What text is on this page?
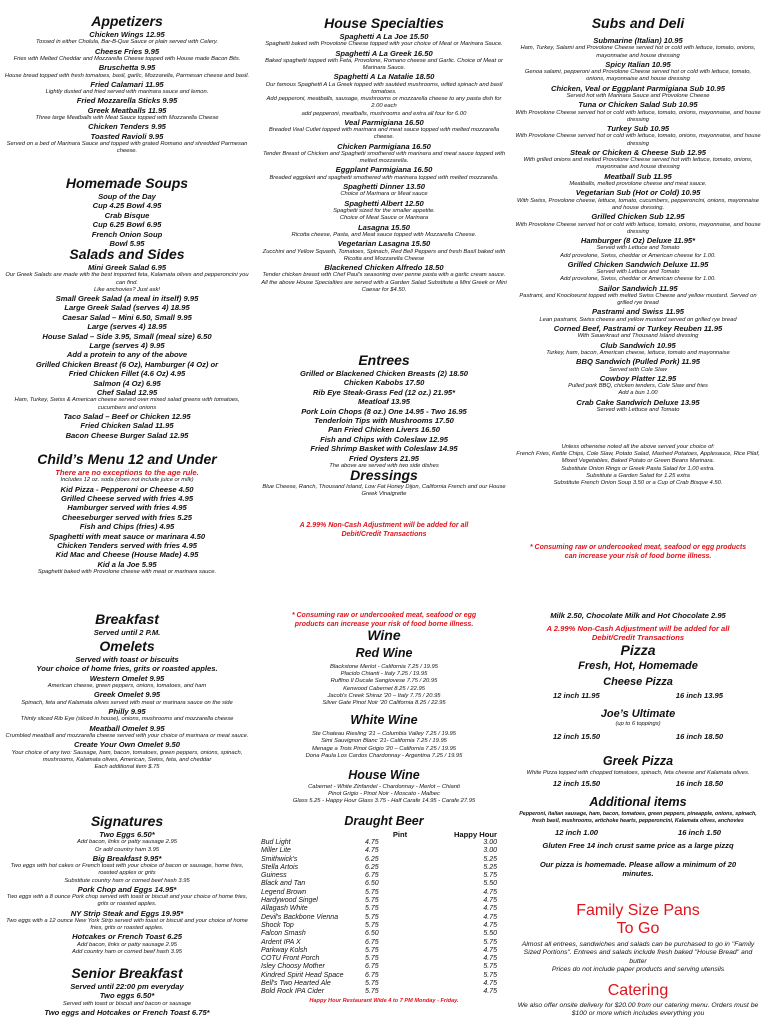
Appetizers
Chicken Wings 12.95
Tossed in either Cholula, Bar-B-Que Sauce or plain served with Celery.
Cheese Fries 9.95
Fries with Melted Cheddar and Mozzarella Cheese topped with House made Bacon Bits.
Bruschetta 9.95
House bread topped with fresh tomatoes, basil, garlic, Mozzarella, Parmesan cheese and basil.
Fried Calamari 11.95
Lightly dusted and fried served with marinara sauce and lemon.
Fried Mozzarella Sticks 9.95
Greek Meatballs 11.95
Three large Meatballs with Meat Sauce topped with Mozzarella Cheese
Chicken Tenders 9.95
Toasted Ravioli 9.95
Served on a bed of Marinara Sauce and topped with grated Romano and shredded Parmesan cheese.
Homemade Soups
Soup of the Day
Cup 4.25 Bowl 4.95
Crab Bisque
Cup 6.25 Bowl 6.95
French Onion Soup
Bowl 5.95
Salads and Sides
Mini Greek Salad 6.95
Our Greek Salads are made with the best imported feta, Kalamata olives and pepperoncini you can find.
Like anchovies? Just ask!
Small Greek Salad (a meal in itself) 9.95
Large Greek Salad (serves 4) 18.95
Caesar Salad – Mini 6.50, Small 9.95
Large (serves 4) 18.95
House Salad – Side 3.95, Small (meal size) 6.50
Large (serves 4) 9.95
Add a protein to any of the above
Grilled Chicken Breast (6 Oz), Hamburger (4 Oz) or
Fried Chicken Fillet (4.6 Oz) 4.95
Salmon (4 Oz) 6.95
Chef Salad 12.95
Ham, Turkey, Swiss & American cheese served over mixed salad greens with tomatoes, cucumbers and onions
Taco Salad – Beef or Chicken 12.95
Fried Chicken Salad 11.95
Bacon Cheese Burger Salad 12.95
Child’s Menu 12 and Under
There are no exceptions to the age rule.
Includes 12 oz. soda (does not include juice or milk)
Kid Pizza - Pepperoni or Cheese 4.50
Grilled Cheese served with fries 4.95
Hamburger served with fries 4.95
Cheeseburger served with fries 5.25
Fish and Chips (fries) 4.95
Spaghetti with meat sauce or marinara 4.50
Chicken Tenders served with fries 4.95
Kid Mac and Cheese (House Made) 4.95
Kid a la Joe 5.95
Spaghetti baked with Provolone cheese with meat or marinara sauce.
Breakfast
Served until 2 P.M.
Omelets
Served with toast or biscuits
Your choice of home fries, grits or roasted apples.
Western Omelet 9.95
American cheese, green peppers, onions, tomatoes, and ham
Greek Omelet 9.95
Spinach, feta and Kalamata olives served with meat or marinara sauce on the side
Philly 9.95
Thinly sliced Rib Eye (sliced in house), onions, mushrooms and mozzarella cheese
Meatball Omelet 9.95
Crumbled meatball and mozzarella cheese served with your choice of marinara or meat sauce.
Create Your Own Omelet 9.50
Your choice of any two: Sausage, ham, bacon, tomatoes, green peppers, onions, spinach, mushrooms, Kalamata olives, American, Swiss, feta, and cheddar
Each additional item $.75
Signatures
Two Eggs 6.50*
Add bacon, links or patty sausage 2.95
Or add country ham 3.95
Big Breakfast 9.95*
Two eggs with hot cakes or French toast with your choice of bacon or sausage, home fries, roasted apples or grits
Substitute country ham or corned beef hash 3.95
Pork Chop and Eggs 14.95*
Two eggs with a 8 ounce Pork chop served with toast or biscuit and your choice of home fries, grits or roasted apples.
NY Strip Steak and Eggs 19.95*
Two eggs with a 12 ounce New York Strip served with toast or biscuit and your choice of home fries, grits or roasted apples.
Hotcakes or French Toast 6.25
Add bacon, links or patty sausage 2.95
Add country ham or corned beef hash 3.95
Senior Breakfast
Served until 22:00 pm everyday
Two eggs 6.50*
Served with toast or biscuit and bacon or sausage
Two eggs and Hotcakes or French Toast 6.75*
House Specialties
Spaghetti A La Joe 15.50
Spaghetti baked with Provolone Cheese topped with your choice of Meat or Marinara Sauce.
Spaghetti A La Greek 16.50
Baked spaghetti topped with Feta, Provolone, Romano cheese and Garlic. Choice of Meat or Marinara Sauce.
Spaghetti A La Natalie 18.50
Our famous Spaghetti A La Greek topped with sautéed mushrooms, wilted spinach and basil tomatoes.
Add pepperoni, meatballs, sausage, mushrooms or mozzarella cheese to any pasta dish for 2.00 each
add pepperoni, meatballs, mushrooms and extra all four for 6.00
Veal Parmigiana 16.50
Breaded Veal Cutlet topped with marinara and meat sauce topped with melted mozzarella cheese.
Chicken Parmigiana 16.50
Tender Breast of Chicken and Spaghetti smothered with marinara and meat sauce topped with melted mozzarella.
Eggplant Parmigiana 16.50
Breaded eggplant and spaghetti smothered with marinara topped with melted mozzarella.
Spaghetti Dinner 13.50
Choice of Marinara or Meat sauce
Spaghetti Albert 12.50
Spaghetti sized for the smaller appetite.
Choice of Meat Sauce or Marinara
Lasagna 15.50
Ricotta cheese, Pasta, and Meat sauce topped with Mozzarella Cheese.
Vegetarian Lasagna 15.50
Zucchini and Yellow Squash, Tomatoes, Spinach, Red Bell Peppers and fresh Basil baked with Ricotta and Mozzarella Cheese
Blackened Chicken Alfredo 18.50
Tender chicken breast with Chef Paul's seasoning over penne pasta with a garlic cream sauce.
All the above House Specialties are served with a Garden Salad Substitute a Mini Greek or Mini Caesar for $4.50.
Entrees
Grilled or Blackened Chicken Breasts (2) 18.50
Chicken Kabobs 17.50
Rib Eye Steak-Grass Fed (12 oz.) 21.95*
Meatloaf 13.95
Pork Loin Chops (8 oz.) One 14.95 - Two 16.95
Tenderloin Tips with Mushrooms 17.50
Pan Fried Chicken Livers 16.50
Fish and Chips with Coleslaw 12.95
Fried Shrimp Basket with Coleslaw 14.95
Fried Oysters 21.95
The above are served with two side dishes
Dressings
Blue Cheese, Ranch, Thousand Island, Low Fat Honey Dijon, California French and our House Greek Vinaigrette
A 2.99% Non-Cash Adjustment will be added for all Debit/Credit Transactions
* Consuming raw or undercooked meat, seafood or egg products can increase your risk of food borne illness.
Wine
Red Wine
Blackstone Merlot - California 7.25 / 19.95
Placido Chianti - Italy 7.25 / 19.95
Ruffino Il Ducale Sangiovese 7.75 / 20.95
Kenwood Cabernet 8.25 / 22.95
Jacob's Creek Shiraz '20 – Italy 7.75 / 20.95
Silver Gate Pinot Noir '20 California 8.25 / 22.95
White Wine
Ste Chateau Riesling '21 – Columbia Valley 7.25 / 19.95
Simi Sauvignon Blanc '21- California 7.25 / 19.95
Menage a Trois Pinot Grigio '20 – California 7.25 / 19.95
Dona Paula Los Cardos Chardonnay - Argentina 7.25 / 19.95
House Wine
Cabernet - White Zinfandel - Chardonnay - Merlot – Chianti
Pinot Grigio - Pinot Noir - Moscato - Malbec
Glass 5.25 - Happy Hour Glass 3.75 - Half Carafe 14.95 - Carafe 27.95
Draught Beer
Pint	Happy Hour
Bud Light	4.75	3.00
Miller Lite	4.75	3.00
Smithwick's	6.25	5.25
Stella Artois	6.25	5.25
Guiness	6.75	5.75
Black and Tan	6.50	5.50
Legend Brown	5.75	4.75
Hardywood Singel	5.75	4.75
Allagash White	5.75	4.75
Devil's Backbone Vienna	5.75	4.75
Shock Top	5.75	4.75
Falcon Smash	6.50	5.50
Ardent IPA X	6.75	5.75
Parkway Kolsh	5.75	4.75
COTU Front Porch	5.75	4.75
Isley Choosy Mother	6.75	5.75
Kindred Spirit Head Space	6.75	5.75
Bell's Two Hearted Ale	5.75	4.75
Bold Rock IPA Cider	5.75	4.75
Happy Hour Restaurant Wide 4 to 7 PM Monday - Friday.
Subs and Deli
Submarine (Italian) 10.95
Ham, Turkey, Salami and Provolone Cheese served hot or cold with lettuce, tomato, onions, mayonnaise and house dressing
Spicy Italian 10.95
Genoa salami, pepperoni and Provolone Cheese served hot or cold with lettuce, tomato, onions, mayonnaise and house dressing
Chicken, Veal or Eggplant Parmigiana Sub 10.95
Served hot with Marinara Sauce and Provolone Cheese
Tuna or Chicken Salad Sub 10.95
With Provolone Cheese served hot or cold with lettuce, tomato, onions, mayonnaise, and house dressing
Turkey Sub 10.95
With Provolone Cheese served hot or cold with lettuce, tomato, onions, mayonnaise, and house dressing
Steak or Chicken & Cheese Sub 12.95
With grilled onions and melted Provolone Cheese served hot with lettuce, tomato, onions, mayonnaise and house dressing
Meatball Sub 11.95
Meatballs, melted provolone cheese and meat sauce.
Vegetarian Sub (Hot or Cold) 10.95
With Swiss, Provolone cheese, lettuce, tomato, cucumbers, pepperoncini, onions, mayonnaise and house dressing.
Grilled Chicken Sub 12.95
With Provolone Cheese served hot or cold with lettuce, tomato, onions, mayonnaise, and house dressing
Hamburger (8 Oz) Deluxe 11.95*
Served with Lettuce and Tomato
Add provolone, Swiss, cheddar or American cheese for 1.00.
Grilled Chicken Sandwich Deluxe 11.95
Served with Lettuce and Tomato
Add provolone, Swiss, cheddar or American cheese for 1.00.
Sailor Sandwich 11.95
Pastrami, and Knockwurst topped with melted Swiss Cheese and yellow mustard. Served on grilled rye bread
Pastrami and Swiss 11.95
Lean pastrami, Swiss cheese and yellow mustard served on grilled rye bread
Corned Beef, Pastrami or Turkey Reuben 11.95
With Sauerkraut and Thousand Island dressing
Club Sandwich 10.95
Turkey, ham, bacon, American cheese, lettuce, tomato and mayonnaise
BBQ Sandwich (Pulled Pork) 11.95
Served with Cole Slaw
Cowboy Platter 12.95
Pulled pork BBQ, chicken tenders, Cole Slaw and fries
Add a bun 1.00
Crab Cake Sandwich Deluxe 13.95
Served with Lettuce and Tomato
Unless otherwise noted all the above served your choice of:
French Fries, Kettle Chips, Cole Slaw, Potato Salad, Mashed Potatoes, Applesauce, Rice Pilaf, Mixed Vegetables, Baked Potato or Green Beans Marinara.
Substitute Onion Rings or Greek Pasta Salad for 1.00 extra.
Substitute a Garden Salad for 1.25 extra
Substitute French Onion Soup 3.50 or a Cup of Crab Bisque 4.50.
* Consuming raw or undercooked meat, seafood or egg products can increase your risk of food borne illness.
Milk 2.50, Chocolate Milk and Hot Chocolate 2.95
A 2.99% Non-Cash Adjustment will be added for all Debit/Credit Transactions
Pizza
Fresh, Hot, Homemade
Cheese Pizza
12 inch 11.95	16 inch 13.95
Joe’s Ultimate
(up to 6 toppings)
12 inch 15.50	16 inch 18.50
Greek Pizza
White Pizza topped with chopped tomatoes, spinach, feta cheese and Kalamata olives.
12 inch 15.50	16 inch 18.50
Additional items
Pepperoni, italian sausage, ham, bacon, tomatoes, green peppers, pineapple, onions, spinach, fresh basil, mushrooms, artichoke hearts, pepperoncini, Kalamata olives, anchovies
12 inch 1.00	16 inch 1.50
Gluten Free 14 inch crust same price as a large pizzq
Our pizza is homemade. Please allow a minimum of 20 minutes.
Family Size Pans
To Go
Almost all entrees, sandwiches and salads can be purchased to go in "Family Sized Portions". Entrees and salads include fresh baked "House Bread" and butter
Prices do not include paper products and serving utensils
Catering
We also offer onsite delivery for $20.00 from our catering menu. Orders must be $100 or more which includes everything you
